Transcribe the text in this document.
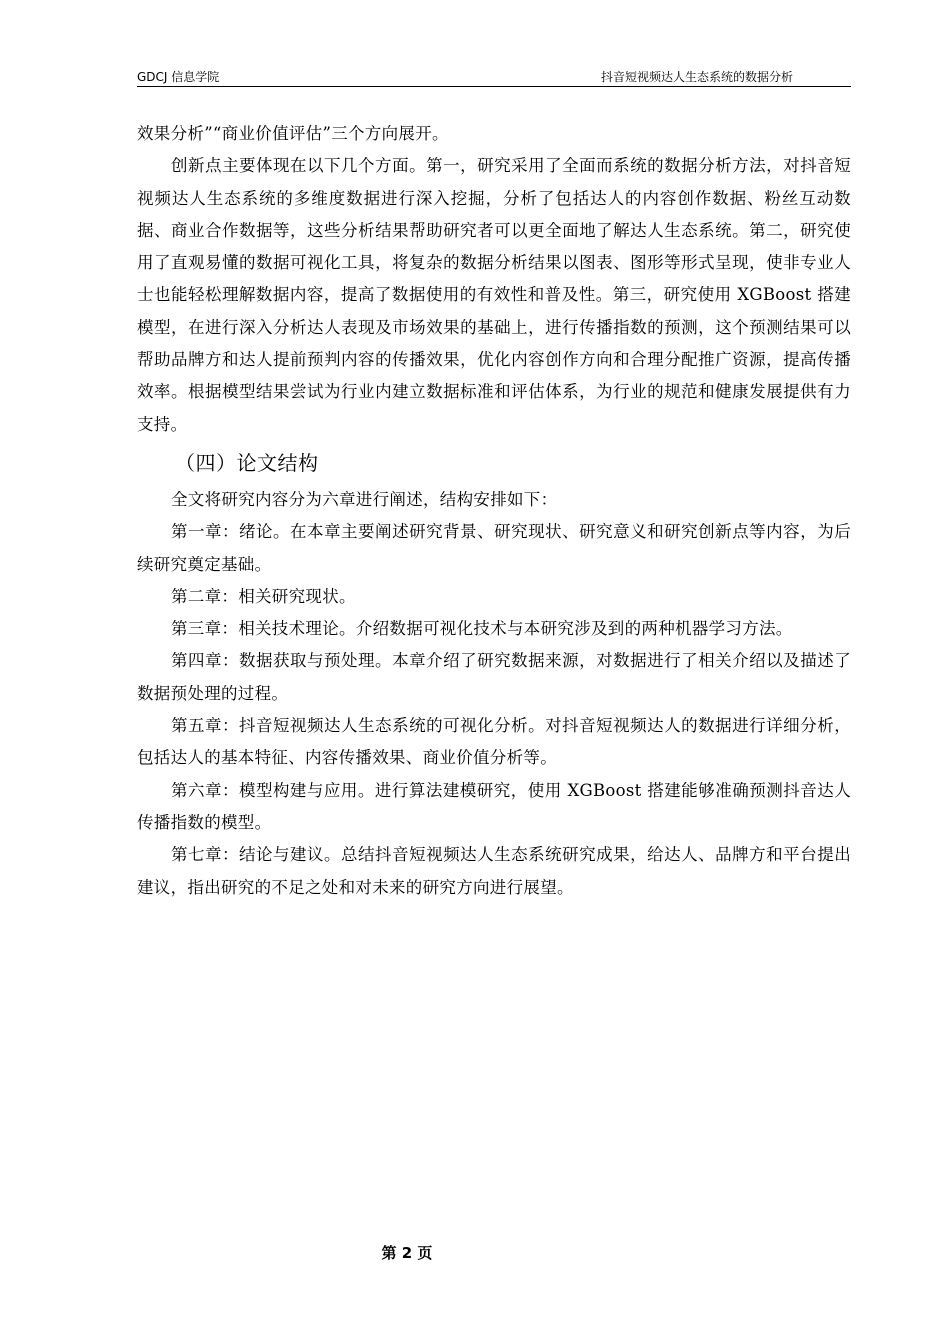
GDCJ 信息学院	抖音短视频达人生态系统的数据分析

效果分析”“商业价值评估”三个方向展开。

创新点主要体现在以下几个方面。第一，研究采用了全面而系统的数据分析方法，对抖音短视频达人生态系统的多维度数据进行深入挖掘，分析了包括达人的内容创作数据、粉丝互动数据、商业合作数据等，这些分析结果帮助研究者可以更全面地了解达人生态系统。第二，研究使用了直观易懂的数据可视化工具，将复杂的数据分析结果以图表、图形等形式呈现，使非专业人士也能轻松理解数据内容，提高了数据使用的有效性和普及性。第三，研究使用 XGBoost 搭建模型，在进行深入分析达人表现及市场效果的基础上，进行传播指数的预测，这个预测结果可以帮助品牌方和达人提前预判内容的传播效果，优化内容创作方向和合理分配推广资源，提高传播效率。根据模型结果尝试为行业内建立数据标准和评估体系，为行业的规范和健康发展提供有力支持。

（四）论文结构

全文将研究内容分为六章进行阐述，结构安排如下：

第一章：绪论。在本章主要阐述研究背景、研究现状、研究意义和研究创新点等内容，为后续研究奠定基础。

第二章：相关研究现状。

第三章：相关技术理论。介绍数据可视化技术与本研究涉及到的两种机器学习方法。

第四章：数据获取与预处理。本章介绍了研究数据来源，对数据进行了相关介绍以及描述了数据预处理的过程。

第五章：抖音短视频达人生态系统的可视化分析。对抖音短视频达人的数据进行详细分析，包括达人的基本特征、内容传播效果、商业价值分析等。

第六章：模型构建与应用。进行算法建模研究，使用 XGBoost 搭建能够准确预测抖音达人传播指数的模型。

第七章：结论与建议。总结抖音短视频达人生态系统研究成果，给达人、品牌方和平台提出建议，指出研究的不足之处和对未来的研究方向进行展望。

第 2 页
